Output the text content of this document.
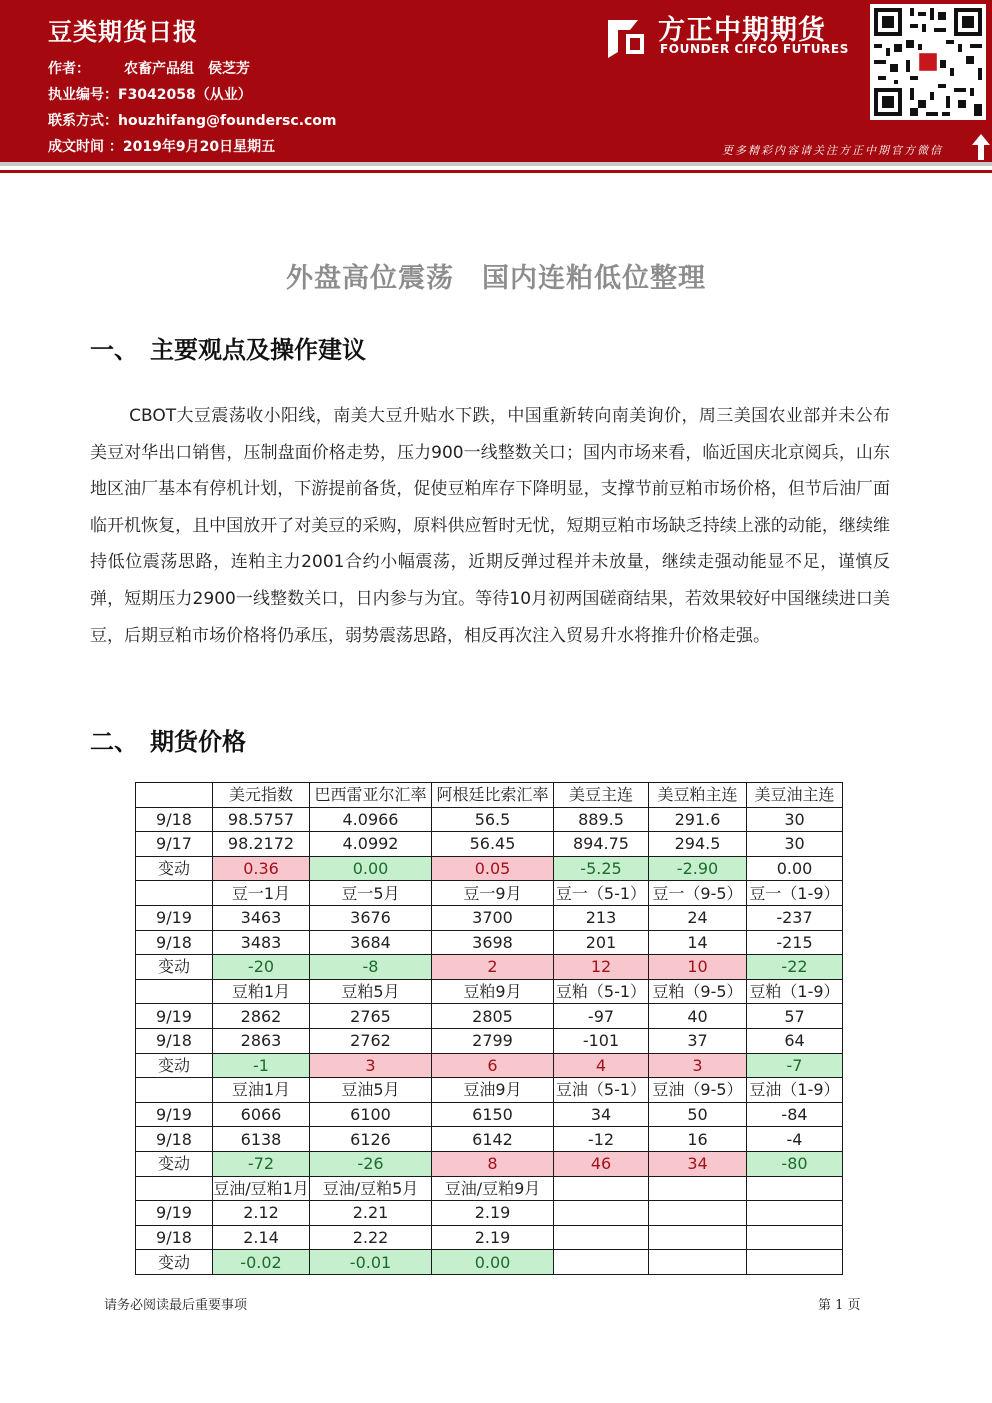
豆类期货日报
作者： 农畜产品组　侯芝芳
执业编号：F3042058（从业）
联系方式：houzhifang@foundersc.com
成文时间 ：2019年9月20日星期五
方正中期期货
FOUNDER CIFCO FUTURES
更多精彩内容请关注方正中期官方微信
外盘高位震荡　国内连粕低位整理
一、 主要观点及操作建议

CBOT大豆震荡收小阳线，南美大豆升贴水下跌，中国重新转向南美询价，周三美国农业部并未公布美豆对华出口销售，压制盘面价格走势，压力900一线整数关口；国内市场来看，临近国庆北京阅兵，山东地区油厂基本有停机计划，下游提前备货，促使豆粕库存下降明显，支撑节前豆粕市场价格，但节后油厂面临开机恢复，且中国放开了对美豆的采购，原料供应暂时无忧，短期豆粕市场缺乏持续上涨的动能，继续维持低位震荡思路，连粕主力2001合约小幅震荡，近期反弹过程并未放量，继续走强动能显不足，谨慎反弹，短期压力2900一线整数关口，日内参与为宜。等待10月初两国磋商结果，若效果较好中国继续进口美豆，后期豆粕市场价格将仍承压，弱势震荡思路，相反再次注入贸易升水将推升价格走强。

二、 期货价格
	美元指数	巴西雷亚尔汇率	阿根廷比索汇率	美豆主连	美豆粕主连	美豆油主连
9/18	98.5757	4.0966	56.5	889.5	291.6	30
9/17	98.2172	4.0992	56.45	894.75	294.5	30
变动	0.36	0.00	0.05	-5.25	-2.90	0.00
	豆一1月	豆一5月	豆一9月	豆一（5-1）	豆一（9-5）	豆一（1-9）
9/19	3463	3676	3700	213	24	-237
9/18	3483	3684	3698	201	14	-215
变动	-20	-8	2	12	10	-22
	豆粕1月	豆粕5月	豆粕9月	豆粕（5-1）	豆粕（9-5）	豆粕（1-9）
9/19	2862	2765	2805	-97	40	57
9/18	2863	2762	2799	-101	37	64
变动	-1	3	6	4	3	-7
	豆油1月	豆油5月	豆油9月	豆油（5-1）	豆油（9-5）	豆油（1-9）
9/19	6066	6100	6150	34	50	-84
9/18	6138	6126	6142	-12	16	-4
变动	-72	-26	8	46	34	-80
	豆油/豆粕1月	豆油/豆粕5月	豆油/豆粕9月			
9/19	2.12	2.21	2.19			
9/18	2.14	2.22	2.19			
变动	-0.02	-0.01	0.00			
请务必阅读最后重要事项	第 1 页
